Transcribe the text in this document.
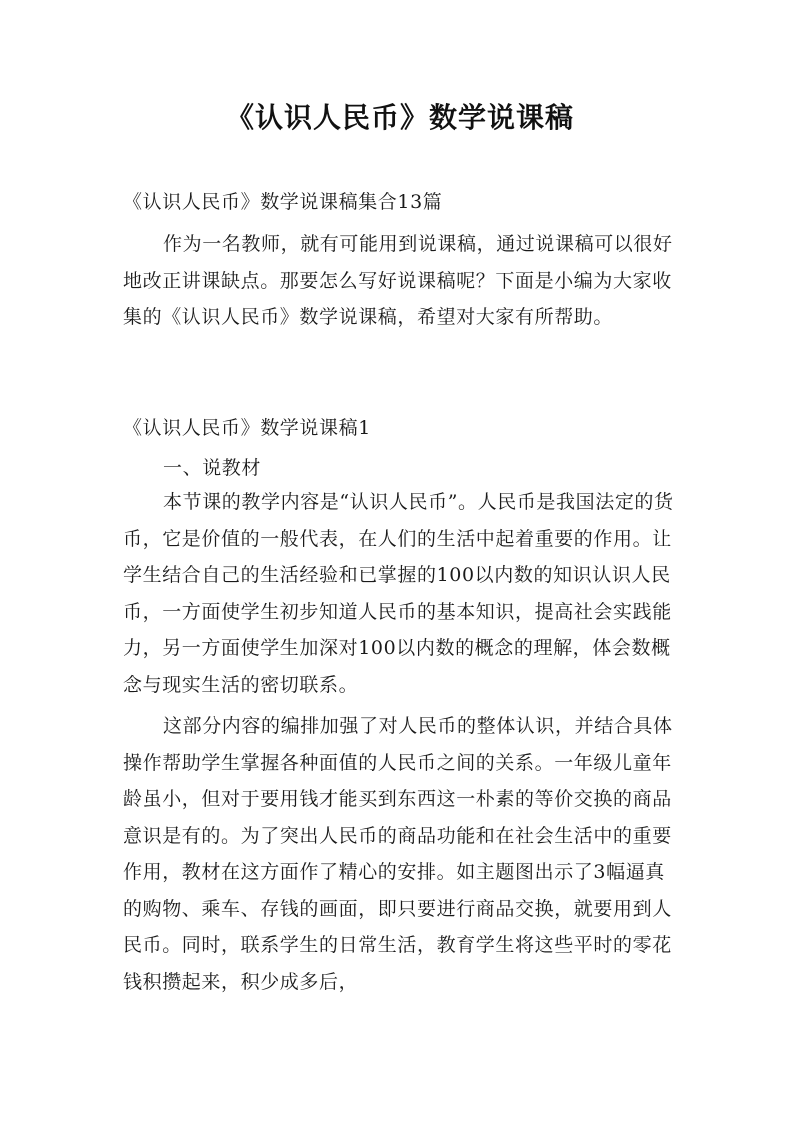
《认识人民币》数学说课稿

《认识人民币》数学说课稿集合13篇

作为一名教师，就有可能用到说课稿，通过说课稿可以很好地改正讲课缺点。那要怎么写好说课稿呢？下面是小编为大家收集的《认识人民币》数学说课稿，希望对大家有所帮助。

《认识人民币》数学说课稿1

一、说教材

本节课的教学内容是“认识人民币”。人民币是我国法定的货币，它是价值的一般代表，在人们的生活中起着重要的作用。让学生结合自己的生活经验和已掌握的100以内数的知识认识人民币，一方面使学生初步知道人民币的基本知识，提高社会实践能力，另一方面使学生加深对100以内数的概念的理解，体会数概念与现实生活的密切联系。

这部分内容的编排加强了对人民币的整体认识，并结合具体操作帮助学生掌握各种面值的人民币之间的关系。一年级儿童年龄虽小，但对于要用钱才能买到东西这一朴素的等价交换的商品意识是有的。为了突出人民币的商品功能和在社会生活中的重要作用，教材在这方面作了精心的安排。如主题图出示了3幅逼真的购物、乘车、存钱的画面，即只要进行商品交换，就要用到人民币。同时，联系学生的日常生活，教育学生将这些平时的零花钱积攒起来，积少成多后，
